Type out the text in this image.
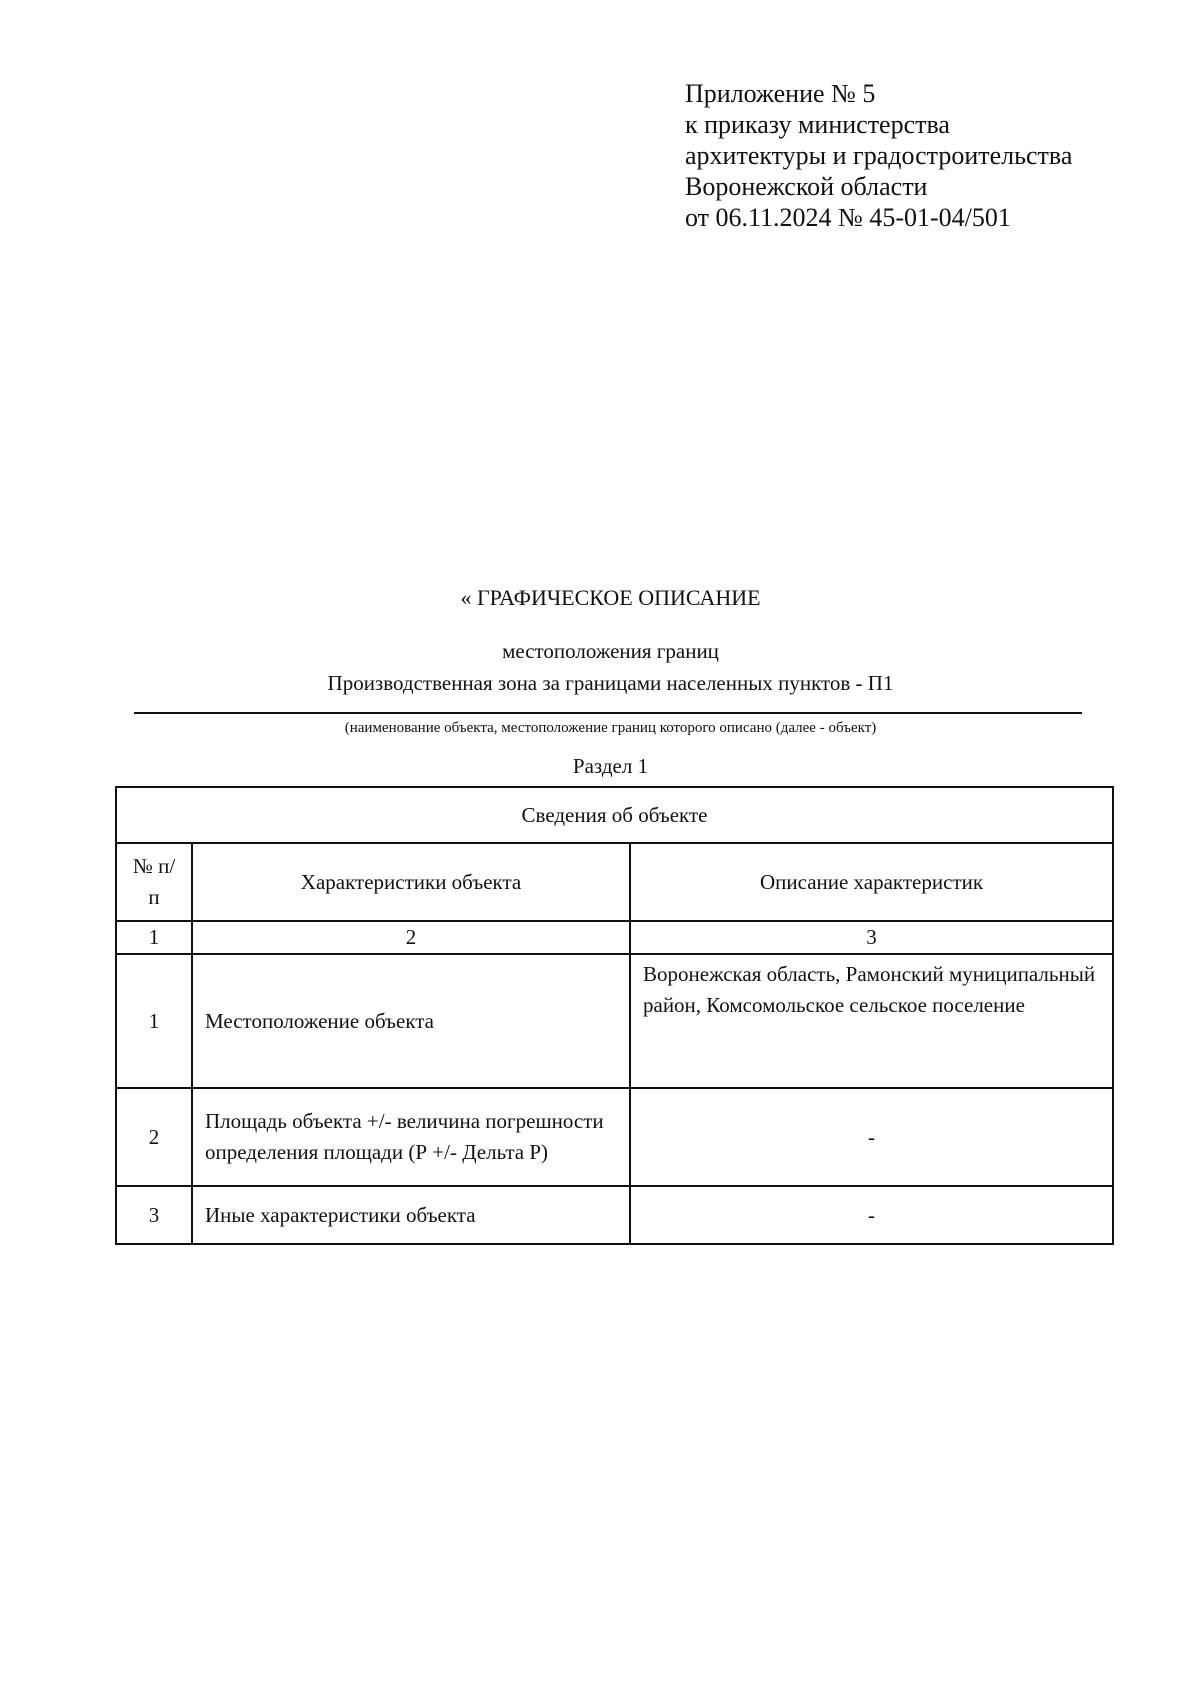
Приложение № 5
к приказу министерства
архитектуры и градостроительства
Воронежской области
от 06.11.2024 № 45-01-04/501
« ГРАФИЧЕСКОЕ ОПИСАНИЕ
местоположения границ
Производственная зона за границами населенных пунктов - П1
(наименование объекта, местоположение границ которого описано (далее - объект)
Раздел 1
Сведения об объекте		
№ п/п	Характеристики объекта	Описание характеристик
1	2	3
1	Местоположение объекта	Воронежская область, Рамонский муниципальный район, Комсомольское сельское поселение
2	Площадь объекта +/- величина погрешности определения площади (Р +/- Дельта Р)	-
3	Иные характеристики объекта	-
